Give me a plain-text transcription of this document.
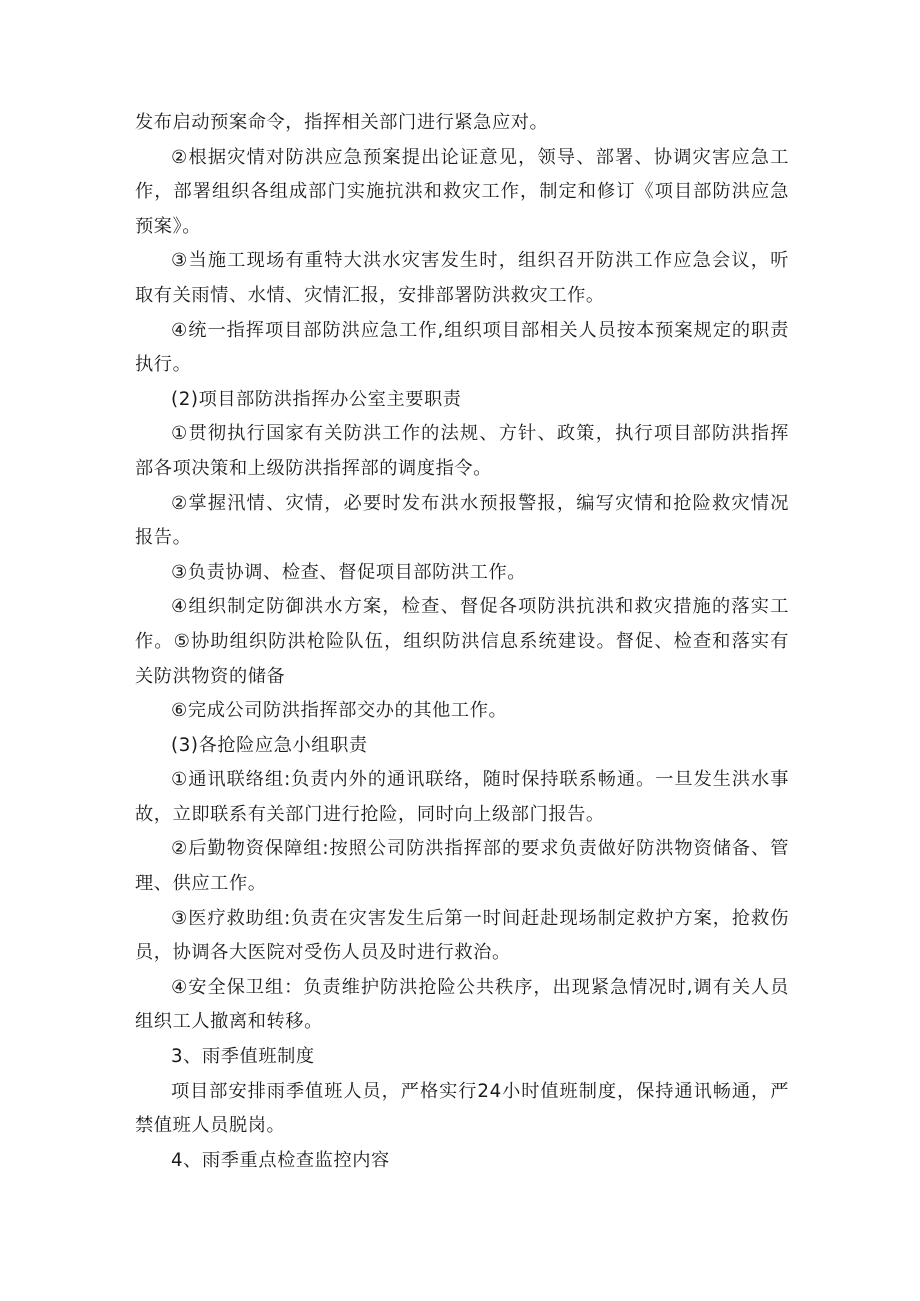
发布启动预案命令，指挥相关部门进行紧急应对。

②根据灾情对防洪应急预案提出论证意见，领导、部署、协调灾害应急工作，部署组织各组成部门实施抗洪和救灾工作，制定和修订《项目部防洪应急预案》。

③当施工现场有重特大洪水灾害发生时，组织召开防洪工作应急会议，听取有关雨情、水情、灾情汇报，安排部署防洪救灾工作。

④统一指挥项目部防洪应急工作,组织项目部相关人员按本预案规定的职责执行。

(2)项目部防洪指挥办公室主要职责

①贯彻执行国家有关防洪工作的法规、方针、政策，执行项目部防洪指挥部各项决策和上级防洪指挥部的调度指令。

②掌握汛情、灾情，必要时发布洪水预报警报，编写灾情和抢险救灾情况报告。

③负责协调、检查、督促项目部防洪工作。

④组织制定防御洪水方案，检查、督促各项防洪抗洪和救灾措施的落实工作。⑤协助组织防洪枪险队伍，组织防洪信息系统建设。督促、检查和落实有关防洪物资的储备

⑥完成公司防洪指挥部交办的其他工作。

(3)各抢险应急小组职责

①通讯联络组:负责内外的通讯联络，随时保持联系畅通。一旦发生洪水事故，立即联系有关部门进行抢险，同时向上级部门报告。

②后勤物资保障组:按照公司防洪指挥部的要求负责做好防洪物资储备、管理、供应工作。

③医疗救助组:负责在灾害发生后第一时间赶赴现场制定救护方案，抢救伤员，协调各大医院对受伤人员及时进行救治。

④安全保卫组：负责维护防洪抢险公共秩序，出现紧急情况时,调有关人员组织工人撤离和转移。

3、雨季值班制度

项目部安排雨季值班人员，严格实行24小时值班制度，保持通讯畅通，严禁值班人员脱岗。

4、雨季重点检查监控内容
